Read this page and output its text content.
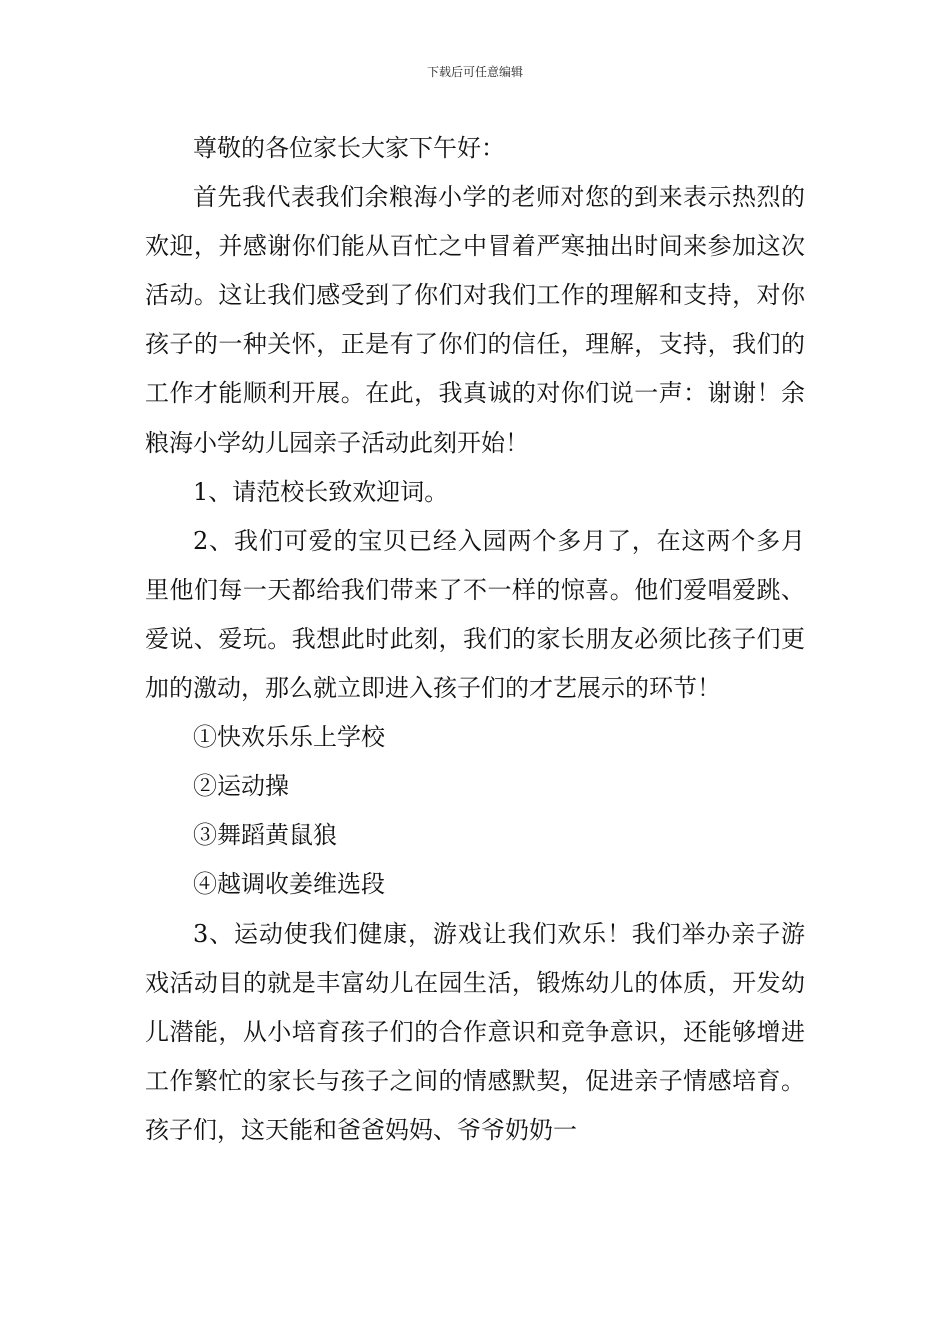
下载后可任意编辑

尊敬的各位家长大家下午好：

首先我代表我们余粮海小学的老师对您的到来表示热烈的欢迎，并感谢你们能从百忙之中冒着严寒抽出时间来参加这次活动。这让我们感受到了你们对我们工作的理解和支持，对你孩子的一种关怀，正是有了你们的信任，理解，支持，我们的工作才能顺利开展。在此，我真诚的对你们说一声：谢谢！余粮海小学幼儿园亲子活动此刻开始！

1、请范校长致欢迎词。

2、我们可爱的宝贝已经入园两个多月了，在这两个多月里他们每一天都给我们带来了不一样的惊喜。他们爱唱爱跳、爱说、爱玩。我想此时此刻，我们的家长朋友必须比孩子们更加的激动，那么就立即进入孩子们的才艺展示的环节！

①快欢乐乐上学校

②运动操

③舞蹈黄鼠狼

④越调收姜维选段

3、运动使我们健康，游戏让我们欢乐！我们举办亲子游戏活动目的就是丰富幼儿在园生活，锻炼幼儿的体质，开发幼儿潜能，从小培育孩子们的合作意识和竞争意识，还能够增进工作繁忙的家长与孩子之间的情感默契，促进亲子情感培育。孩子们，这天能和爸爸妈妈、爷爷奶奶一
